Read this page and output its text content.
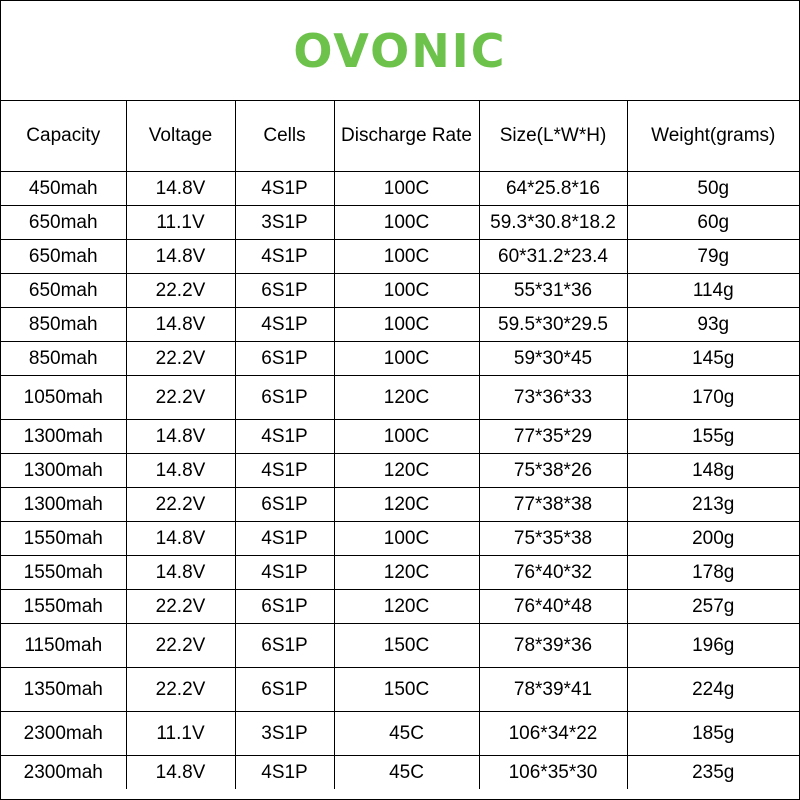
OVONIC
Capacity	Voltage	Cells	Discharge Rate	Size(L*W*H)	Weight(grams)
450mah	14.8V	4S1P	100C	64*25.8*16	50g
650mah	11.1V	3S1P	100C	59.3*30.8*18.2	60g
650mah	14.8V	4S1P	100C	60*31.2*23.4	79g
650mah	22.2V	6S1P	100C	55*31*36	114g
850mah	14.8V	4S1P	100C	59.5*30*29.5	93g
850mah	22.2V	6S1P	100C	59*30*45	145g
1050mah	22.2V	6S1P	120C	73*36*33	170g
1300mah	14.8V	4S1P	100C	77*35*29	155g
1300mah	14.8V	4S1P	120C	75*38*26	148g
1300mah	22.2V	6S1P	120C	77*38*38	213g
1550mah	14.8V	4S1P	100C	75*35*38	200g
1550mah	14.8V	4S1P	120C	76*40*32	178g
1550mah	22.2V	6S1P	120C	76*40*48	257g
1150mah	22.2V	6S1P	150C	78*39*36	196g
1350mah	22.2V	6S1P	150C	78*39*41	224g
2300mah	11.1V	3S1P	45C	106*34*22	185g
2300mah	14.8V	4S1P	45C	106*35*30	235g
